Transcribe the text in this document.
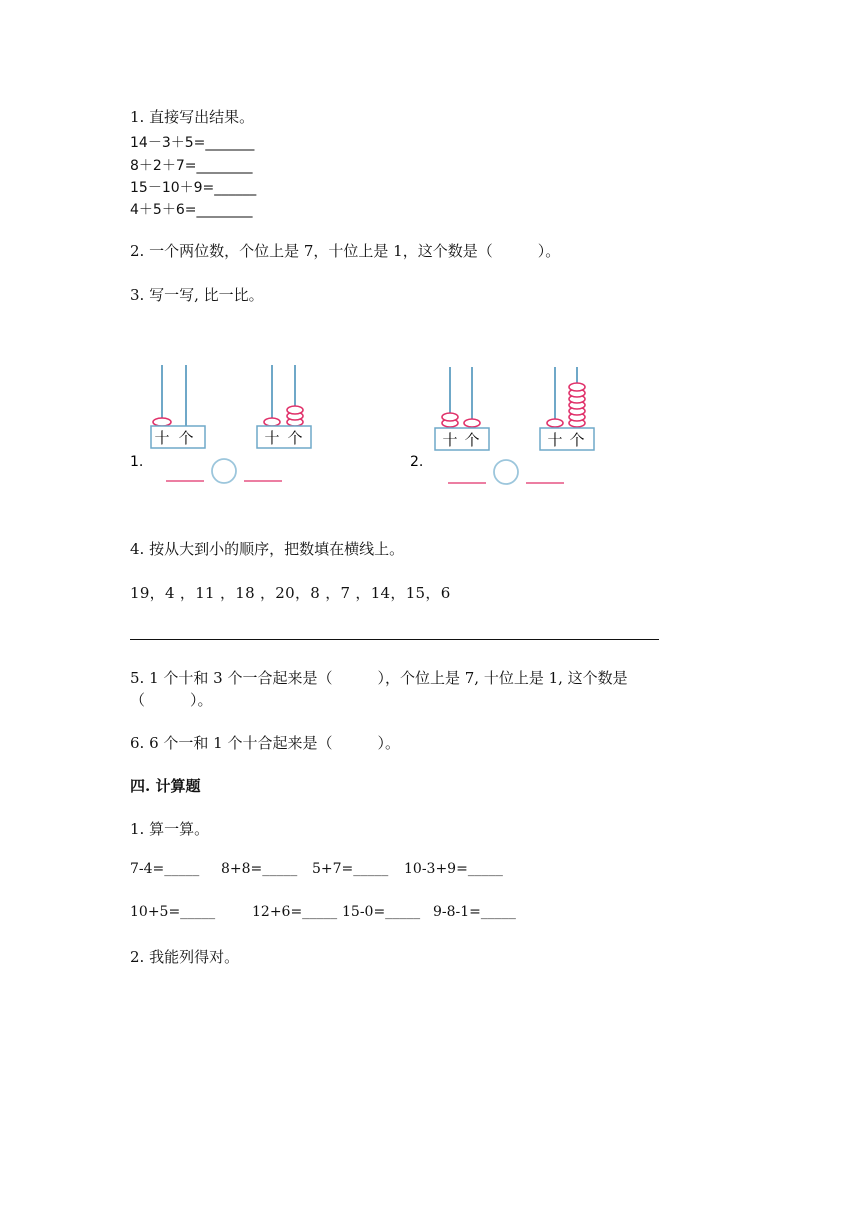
1. 直接写出结果。
14－3＋5=_______
8＋2＋7=________
15－10＋9=______
4＋5＋6=________
2. 一个两位数，个位上是 7，十位上是 1，这个数是（　　　）。
3. 写一写, 比一比。
十 个	十 个	十 个	十 个
1.	2.
4. 按从大到小的顺序，把数填在横线上。
19，4 ，11 ，18 ，20，8 ，7 ，14，15，6
5. 1 个十和 3 个一合起来是（　　　），个位上是 7, 十位上是 1, 这个数是
（　　　）。
6. 6 个一和 1 个十合起来是（　　　）。
四. 计算题
1. 算一算。
7-4=_____ 8+8=_____ 5+7=_____ 10-3+9=_____
10+5=_____	12+6=_____ 15-0=_____ 9-8-1=_____
2. 我能列得对。
